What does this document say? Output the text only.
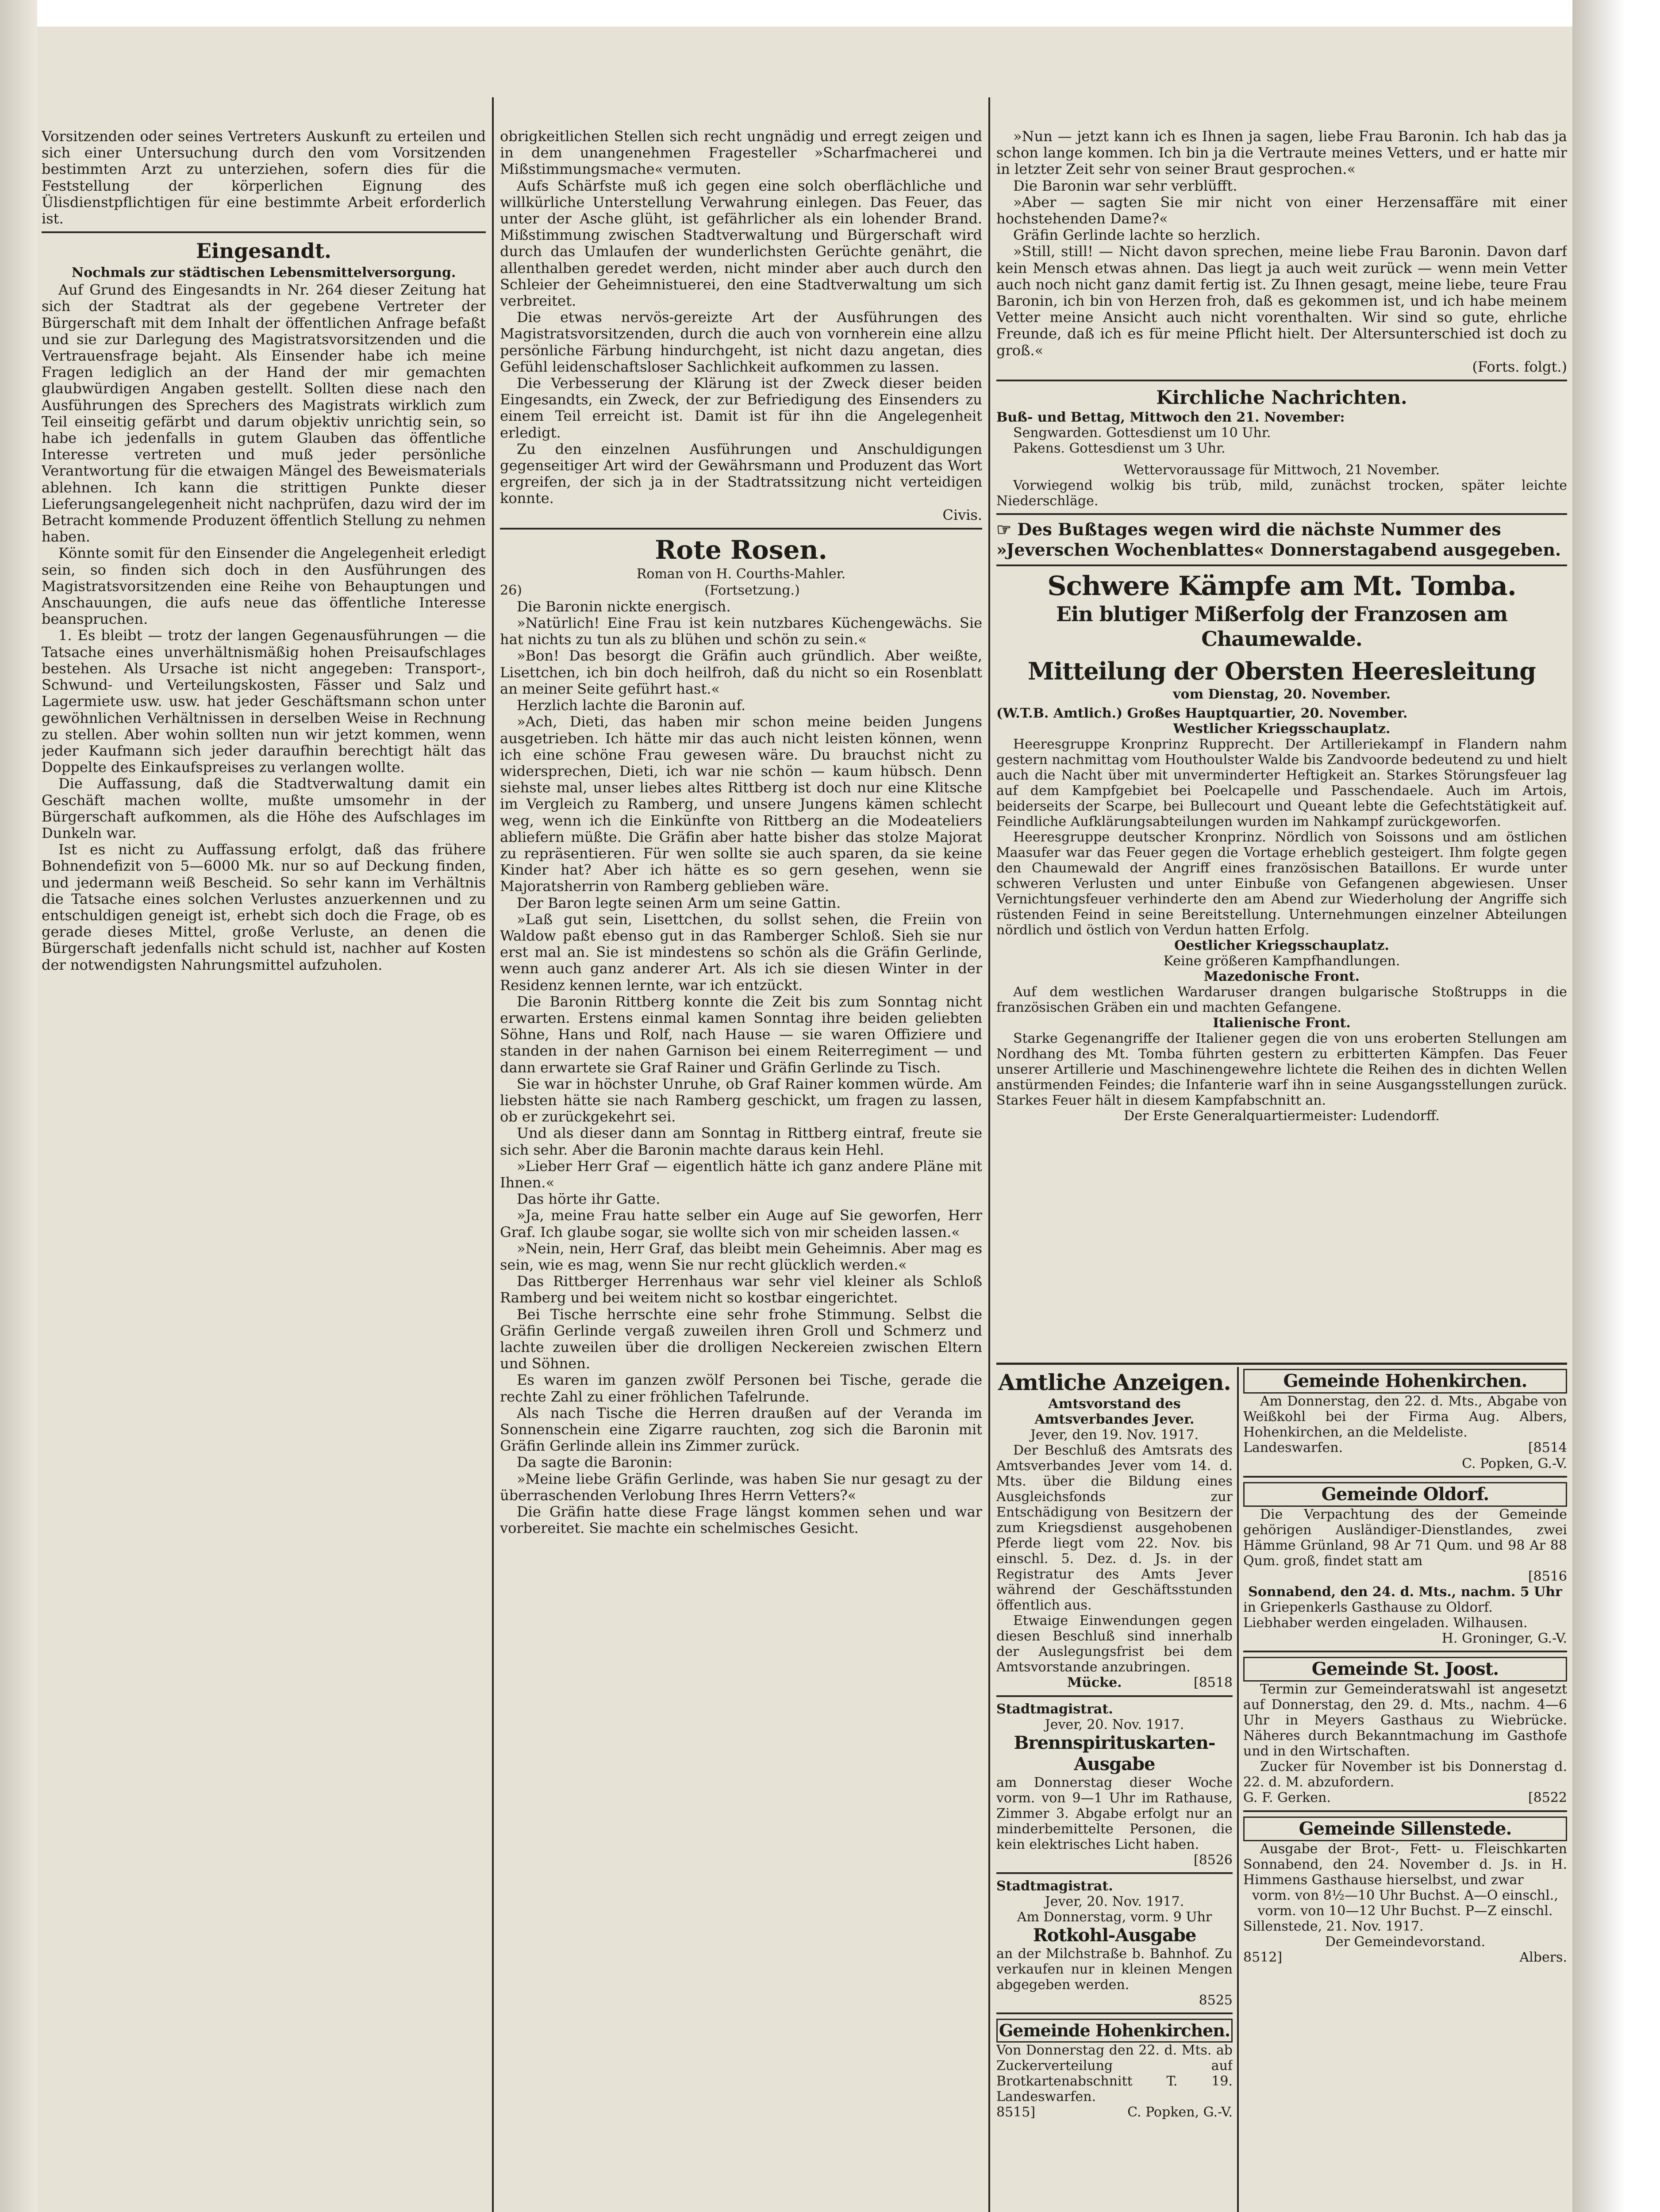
Vorsitzenden oder seines Vertreters Auskunft zu erteilen und sich einer Untersuchung durch den vom Vorsitzenden bestimmten Arzt zu unterziehen, sofern dies für die Feststellung der körperlichen Eignung des Ülisdienstpflichtigen für eine bestimmte Arbeit erforderlich ist.

Eingesandt.

Nochmals zur städtischen Lebensmittelversorgung.

Auf Grund des Eingesandts in Nr. 264 dieser Zeitung hat sich der Stadtrat als der gegebene Vertreter der Bürgerschaft mit dem Inhalt der öffentlichen Anfrage befaßt und sie zur Darlegung des Magistratsvorsitzenden und die Vertrauensfrage bejaht. Als Einsender habe ich meine Fragen lediglich an der Hand der mir gemachten glaubwürdigen Angaben gestellt. Sollten diese nach den Ausführungen des Sprechers des Magistrats wirklich zum Teil einseitig gefärbt und darum objektiv unrichtig sein, so habe ich jedenfalls in gutem Glauben das öffentliche Interesse vertreten und muß jeder persönliche Verantwortung für die etwaigen Mängel des Beweismaterials ablehnen. Ich kann die strittigen Punkte dieser Lieferungsangelegenheit nicht nachprüfen, dazu wird der im Betracht kommende Produzent öffentlich Stellung zu nehmen haben.

Könnte somit für den Einsender die Angelegenheit erledigt sein, so finden sich doch in den Ausführungen des Magistratsvorsitzenden eine Reihe von Behauptungen und Anschauungen, die aufs neue das öffentliche Interesse beanspruchen.

1. Es bleibt — trotz der langen Gegenausführungen — die Tatsache eines unverhältnismäßig hohen Preisaufschlages bestehen. Als Ursache ist nicht angegeben: Transport-, Schwund- und Verteilungskosten, Fässer und Salz und Lagermiete usw. usw. hat jeder Geschäftsmann schon unter gewöhnlichen Verhältnissen in derselben Weise in Rechnung zu stellen. Aber wohin sollten nun wir jetzt kommen, wenn jeder Kaufmann sich jeder daraufhin berechtigt hält das Doppelte des Einkaufspreises zu verlangen wollte.

Die Auffassung, daß die Stadtverwaltung damit ein Geschäft machen wollte, mußte umsomehr in der Bürgerschaft aufkommen, als die Höhe des Aufschlages im Dunkeln war.

Ist es nicht zu Auffassung erfolgt, daß das frühere Bohnendefizit von 5—6000 Mk. nur so auf Deckung finden, und jedermann weiß Bescheid. So sehr kann im Verhältnis die Tatsache eines solchen Verlustes anzuerkennen und zu entschuldigen geneigt ist, erhebt sich doch die Frage, ob es gerade dieses Mittel, große Verluste, an denen die Bürgerschaft jedenfalls nicht schuld ist, nachher auf Kosten der notwendigsten Nahrungsmittel aufzuholen.

obrigkeitlichen Stellen sich recht ungnädig und erregt zeigen und in dem unangenehmen Fragesteller »Scharfmacherei und Mißstimmungsmache« vermuten.

Aufs Schärfste muß ich gegen eine solch oberflächliche und willkürliche Unterstellung Verwahrung einlegen. Das Feuer, das unter der Asche glüht, ist gefährlicher als ein lohender Brand. Mißstimmung zwischen Stadtverwaltung und Bürgerschaft wird durch das Umlaufen der wunderlichsten Gerüchte genährt, die allenthalben geredet werden, nicht minder aber auch durch den Schleier der Geheimnistuerei, den eine Stadtverwaltung um sich verbreitet.

Die etwas nervös-gereizte Art der Ausführungen des Magistratsvorsitzenden, durch die auch von vornherein eine allzu persönliche Färbung hindurchgeht, ist nicht dazu angetan, dies Gefühl leidenschaftsloser Sachlichkeit aufkommen zu lassen.

Die Verbesserung der Klärung ist der Zweck dieser beiden Eingesandts, ein Zweck, der zur Befriedigung des Einsenders zu einem Teil erreicht ist. Damit ist für ihn die Angelegenheit erledigt.

Zu den einzelnen Ausführungen und Anschuldigungen gegenseitiger Art wird der Gewährsmann und Produzent das Wort ergreifen, der sich ja in der Stadtratssitzung nicht verteidigen konnte.

Civis.

Rote Rosen.

Roman von H. Courths-Mahler.

26)	(Fortsetzung.)

Die Baronin nickte energisch.

»Natürlich! Eine Frau ist kein nutzbares Küchengewächs. Sie hat nichts zu tun als zu blühen und schön zu sein.«

»Bon! Das besorgt die Gräfin auch gründlich. Aber weißte, Lisettchen, ich bin doch heilfroh, daß du nicht so ein Rosenblatt an meiner Seite geführt hast.«

Herzlich lachte die Baronin auf.

»Ach, Dieti, das haben mir schon meine beiden Jungens ausgetrieben. Ich hätte mir das auch nicht leisten können, wenn ich eine schöne Frau gewesen wäre. Du brauchst nicht zu widersprechen, Dieti, ich war nie schön — kaum hübsch. Denn siehste mal, unser liebes altes Rittberg ist doch nur eine Klitsche im Vergleich zu Ramberg, und unsere Jungens kämen schlecht weg, wenn ich die Einkünfte von Rittberg an die Modeateliers abliefern müßte. Die Gräfin aber hatte bisher das stolze Majorat zu repräsentieren. Für wen sollte sie auch sparen, da sie keine Kinder hat? Aber ich hätte es so gern gesehen, wenn sie Majoratsherrin von Ramberg geblieben wäre.

Der Baron legte seinen Arm um seine Gattin.

»Laß gut sein, Lisettchen, du sollst sehen, die Freiin von Waldow paßt ebenso gut in das Ramberger Schloß. Sieh sie nur erst mal an. Sie ist mindestens so schön als die Gräfin Gerlinde, wenn auch ganz anderer Art. Als ich sie diesen Winter in der Residenz kennen lernte, war ich entzückt.

Die Baronin Rittberg konnte die Zeit bis zum Sonntag nicht erwarten. Erstens einmal kamen Sonntag ihre beiden geliebten Söhne, Hans und Rolf, nach Hause — sie waren Offiziere und standen in der nahen Garnison bei einem Reiterregiment — und dann erwartete sie Graf Rainer und Gräfin Gerlinde zu Tisch.

Sie war in höchster Unruhe, ob Graf Rainer kommen würde. Am liebsten hätte sie nach Ramberg geschickt, um fragen zu lassen, ob er zurückgekehrt sei.

Und als dieser dann am Sonntag in Rittberg eintraf, freute sie sich sehr. Aber die Baronin machte daraus kein Hehl.

»Lieber Herr Graf — eigentlich hätte ich ganz andere Pläne mit Ihnen.«

Das hörte ihr Gatte.

»Ja, meine Frau hatte selber ein Auge auf Sie geworfen, Herr Graf. Ich glaube sogar, sie wollte sich von mir scheiden lassen.«

»Nein, nein, Herr Graf, das bleibt mein Geheimnis. Aber mag es sein, wie es mag, wenn Sie nur recht glücklich werden.«

Das Rittberger Herrenhaus war sehr viel kleiner als Schloß Ramberg und bei weitem nicht so kostbar eingerichtet.

Bei Tische herrschte eine sehr frohe Stimmung. Selbst die Gräfin Gerlinde vergaß zuweilen ihren Groll und Schmerz und lachte zuweilen über die drolligen Neckereien zwischen Eltern und Söhnen.

Es waren im ganzen zwölf Personen bei Tische, gerade die rechte Zahl zu einer fröhlichen Tafelrunde.

Als nach Tische die Herren draußen auf der Veranda im Sonnenschein eine Zigarre rauchten, zog sich die Baronin mit Gräfin Gerlinde allein ins Zimmer zurück.

Da sagte die Baronin:

»Meine liebe Gräfin Gerlinde, was haben Sie nur gesagt zu der überraschenden Verlobung Ihres Herrn Vetters?«

Die Gräfin hatte diese Frage längst kommen sehen und war vorbereitet. Sie machte ein schelmisches Gesicht.

»Nun — jetzt kann ich es Ihnen ja sagen, liebe Frau Baronin. Ich hab das ja schon lange kommen. Ich bin ja die Vertraute meines Vetters, und er hatte mir in letzter Zeit sehr von seiner Braut gesprochen.«

Die Baronin war sehr verblüfft.

»Aber — sagten Sie mir nicht von einer Herzensaffäre mit einer hochstehenden Dame?«

Gräfin Gerlinde lachte so herzlich.

»Still, still! — Nicht davon sprechen, meine liebe Frau Baronin. Davon darf kein Mensch etwas ahnen. Das liegt ja auch weit zurück — wenn mein Vetter auch noch nicht ganz damit fertig ist. Zu Ihnen gesagt, meine liebe, teure Frau Baronin, ich bin von Herzen froh, daß es gekommen ist, und ich habe meinem Vetter meine Ansicht auch nicht vorenthalten. Wir sind so gute, ehrliche Freunde, daß ich es für meine Pflicht hielt. Der Altersunterschied ist doch zu groß.«

(Forts. folgt.)

Kirchliche Nachrichten.

Buß- und Bettag, Mittwoch den 21. November:

Sengwarden. Gottesdienst um 10 Uhr.

Pakens. Gottesdienst um 3 Uhr.

Wettervoraussage für Mittwoch, 21 November.

Vorwiegend wolkig bis trüb, mild, zunächst trocken, später leichte Niederschläge.

☞ Des Bußtages wegen wird die nächste Nummer des »Jeverschen Wochenblattes« Donnerstagabend ausgegeben.

Schwere Kämpfe am Mt. Tomba.

Ein blutiger Mißerfolg der Franzosen am Chaumewalde.

Mitteilung der Obersten Heeresleitung

vom Dienstag, 20. November.

(W.T.B. Amtlich.) Großes Hauptquartier, 20. November.

Westlicher Kriegsschauplatz.

Heeresgruppe Kronprinz Rupprecht. Der Artilleriekampf in Flandern nahm gestern nachmittag vom Houthoulster Walde bis Zandvoorde bedeutend zu und hielt auch die Nacht über mit unverminderter Heftigkeit an. Starkes Störungsfeuer lag auf dem Kampfgebiet bei Poelcapelle und Passchendaele. Auch im Artois, beiderseits der Scarpe, bei Bullecourt und Queant lebte die Gefechtstätigkeit auf. Feindliche Aufklärungsabteilungen wurden im Nahkampf zurückgeworfen.

Heeresgruppe deutscher Kronprinz. Nördlich von Soissons und am östlichen Maasufer war das Feuer gegen die Vortage erheblich gesteigert. Ihm folgte gegen den Chaumewald der Angriff eines französischen Bataillons. Er wurde unter schweren Verlusten und unter Einbuße von Gefangenen abgewiesen. Unser Vernichtungsfeuer verhinderte den am Abend zur Wiederholung der Angriffe sich rüstenden Feind in seine Bereitstellung. Unternehmungen einzelner Abteilungen nördlich und östlich von Verdun hatten Erfolg.

Oestlicher Kriegsschauplatz.

Keine größeren Kampfhandlungen.

Mazedonische Front.

Auf dem westlichen Wardaruser drangen bulgarische Stoßtrupps in die französischen Gräben ein und machten Gefangene.

Italienische Front.

Starke Gegenangriffe der Italiener gegen die von uns eroberten Stellungen am Nordhang des Mt. Tomba führten gestern zu erbitterten Kämpfen. Das Feuer unserer Artillerie und Maschinengewehre lichtete die Reihen des in dichten Wellen anstürmenden Feindes; die Infanterie warf ihn in seine Ausgangsstellungen zurück. Starkes Feuer hält in diesem Kampfabschnitt an.

Der Erste Generalquartiermeister: Ludendorff.

Amtliche Anzeigen.

Amtsvorstand des Amtsverbandes Jever.

Jever, den 19. Nov. 1917.

Der Beschluß des Amtsrats des Amtsverbandes Jever vom 14. d. Mts. über die Bildung eines Ausgleichsfonds zur Entschädigung von Besitzern der zum Kriegsdienst ausgehobenen Pferde liegt vom 22. Nov. bis einschl. 5. Dez. d. Js. in der Registratur des Amts Jever während der Geschäftsstunden öffentlich aus.

Etwaige Einwendungen gegen diesen Beschluß sind innerhalb der Auslegungsfrist bei dem Amtsvorstande anzubringen.

Mücke.	[8518

Stadtmagistrat.

Jever, 20. Nov. 1917.

Brennspirituskarten-Ausgabe

am Donnerstag dieser Woche vorm. von 9—1 Uhr im Rathause, Zimmer 3. Abgabe erfolgt nur an minderbemittelte Personen, die kein elektrisches Licht haben.

[8526

Stadtmagistrat.

Jever, 20. Nov. 1917.

Am Donnerstag, vorm. 9 Uhr

Rotkohl-Ausgabe

an der Milchstraße b. Bahnhof. Zu verkaufen nur in kleinen Mengen abgegeben werden.

8525

Gemeinde Hohenkirchen.

Von Donnerstag den 22. d. Mts. ab Zuckerverteilung auf Brotkartenabschnitt T. 19. Landeswarfen.

8515]	C. Popken, G.-V.

Gemeinde Hohenkirchen.

Am Donnerstag, den 22. d. Mts., Abgabe von Weißkohl bei der Firma Aug. Albers, Hohenkirchen, an die Meldeliste.

Landeswarfen.	[8514

C. Popken, G.-V.

Gemeinde Oldorf.

Die Verpachtung des der Gemeinde gehörigen Ausländiger-Dienstlandes, zwei Hämme Grünland, 98 Ar 71 Qum. und 98 Ar 88 Qum. groß, findet statt am

[8516

Sonnabend, den 24. d. Mts., nachm. 5 Uhr

in Griepenkerls Gasthause zu Oldorf.

Liebhaber werden eingeladen. Wilhausen.

H. Groninger, G.-V.

Gemeinde St. Joost.

Termin zur Gemeinderatswahl ist angesetzt auf Donnerstag, den 29. d. Mts., nachm. 4—6 Uhr in Meyers Gasthaus zu Wiebrücke. Näheres durch Bekanntmachung im Gasthofe und in den Wirtschaften.

Zucker für November ist bis Donnerstag d. 22. d. M. abzufordern.

G. F. Gerken.	[8522

Gemeinde Sillenstede.

Ausgabe der Brot-, Fett- u. Fleischkarten Sonnabend, den 24. November d. Js. in H. Himmens Gasthause hierselbst, und zwar

vorm. von 8½—10 Uhr Buchst. A—O einschl., vorm. von 10—12 Uhr Buchst. P—Z einschl.

Sillenstede, 21. Nov. 1917.

Der Gemeindevorstand.

8512]	Albers.
